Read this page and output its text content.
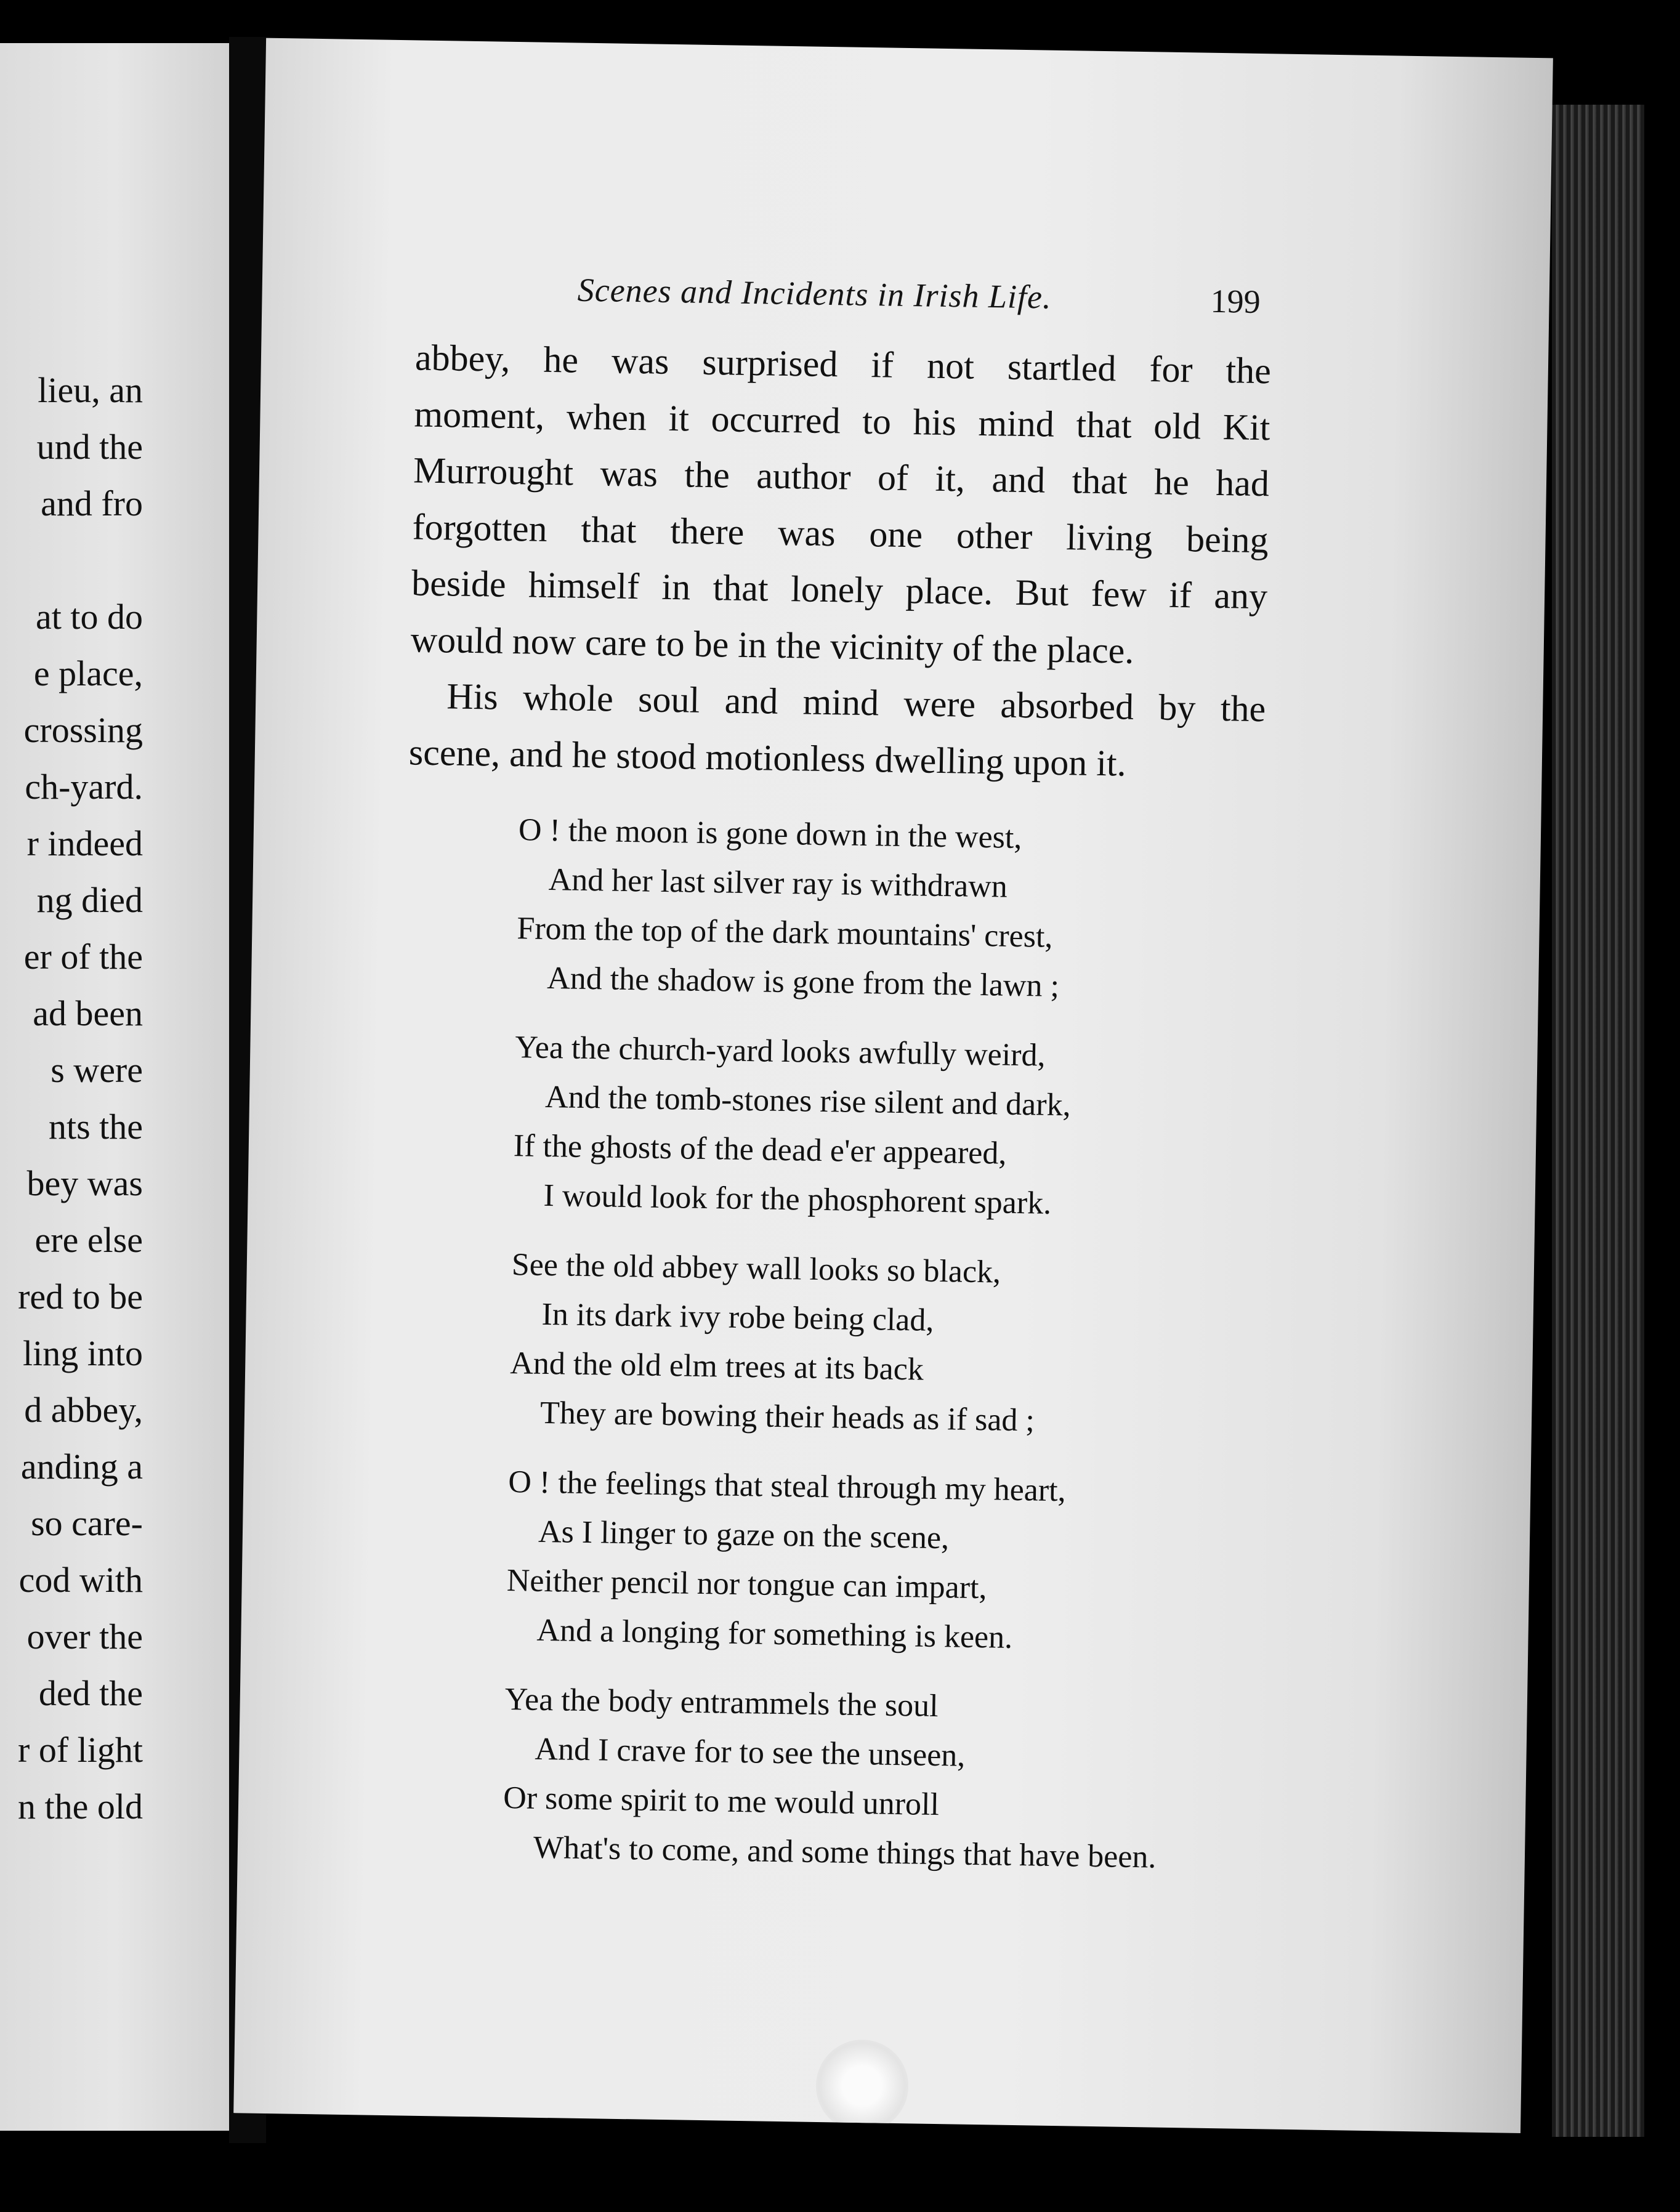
lieu, an

und the

and fro

at to do

e place,

crossing

ch-yard.

r indeed

ng died

er of the

ad been

s were

nts the

bey was

ere else

red to be

ling into

d abbey,

anding a

so care-

cod with

over the

ded the

r of light

n the old

Scenes and Incidents in Irish Life.	199

abbey, he was surprised if not startled for the
moment, when it occurred to his mind that old Kit
Murrought was the author of it, and that he had
forgotten that there was one other living being
beside himself in that lonely place. But few if any
would now care to be in the vicinity of the place.

His whole soul and mind were absorbed by the
scene, and he stood motionless dwelling upon it.

O ! the moon is gone down in the west,
And her last silver ray is withdrawn
From the top of the dark mountains' crest,
And the shadow is gone from the lawn ;
Yea the church-yard looks awfully weird,
And the tomb-stones rise silent and dark,
If the ghosts of the dead e'er appeared,
I would look for the phosphorent spark.
See the old abbey wall looks so black,
In its dark ivy robe being clad,
And the old elm trees at its back
They are bowing their heads as if sad ;
O ! the feelings that steal through my heart,
As I linger to gaze on the scene,
Neither pencil nor tongue can impart,
And a longing for something is keen.
Yea the body entrammels the soul
And I crave for to see the unseen,
Or some spirit to me would unroll
What's to come, and some things that have been.
